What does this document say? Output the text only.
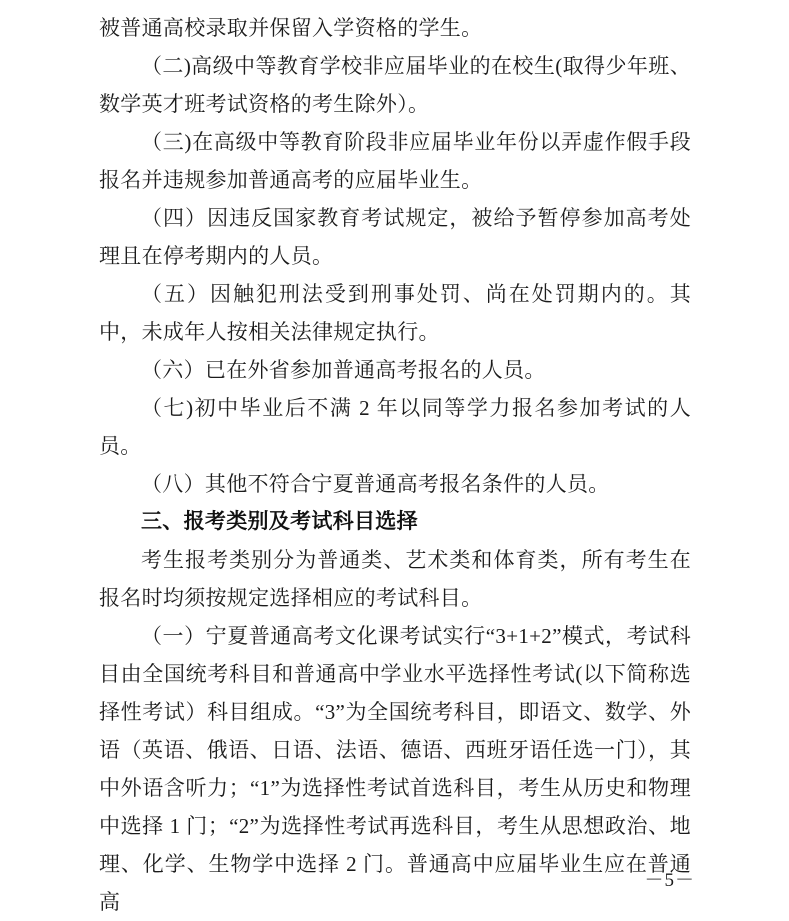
被普通高校录取并保留入学资格的学生。

（二)高级中等教育学校非应届毕业的在校生(取得少年班、数学英才班考试资格的考生除外）。

（三)在高级中等教育阶段非应届毕业年份以弄虚作假手段报名并违规参加普通高考的应届毕业生。

（四）因违反国家教育考试规定，被给予暂停参加高考处理且在停考期内的人员。

（五）因触犯刑法受到刑事处罚、尚在处罚期内的。其中，未成年人按相关法律规定执行。

（六）已在外省参加普通高考报名的人员。

（七)初中毕业后不满 2 年以同等学力报名参加考试的人员。

（八）其他不符合宁夏普通高考报名条件的人员。

三、报考类别及考试科目选择

考生报考类别分为普通类、艺术类和体育类，所有考生在报名时均须按规定选择相应的考试科目。

（一）宁夏普通高考文化课考试实行“3+1+2”模式，考试科目由全国统考科目和普通高中学业水平选择性考试(以下简称选择性考试）科目组成。“3”为全国统考科目，即语文、数学、外语（英语、俄语、日语、法语、德语、西班牙语任选一门），其中外语含听力；“1”为选择性考试首选科目，考生从历史和物理中选择 1 门；“2”为选择性考试再选科目，考生从思想政治、地理、化学、生物学中选择 2 门。普通高中应届毕业生应在普通高

－5－
